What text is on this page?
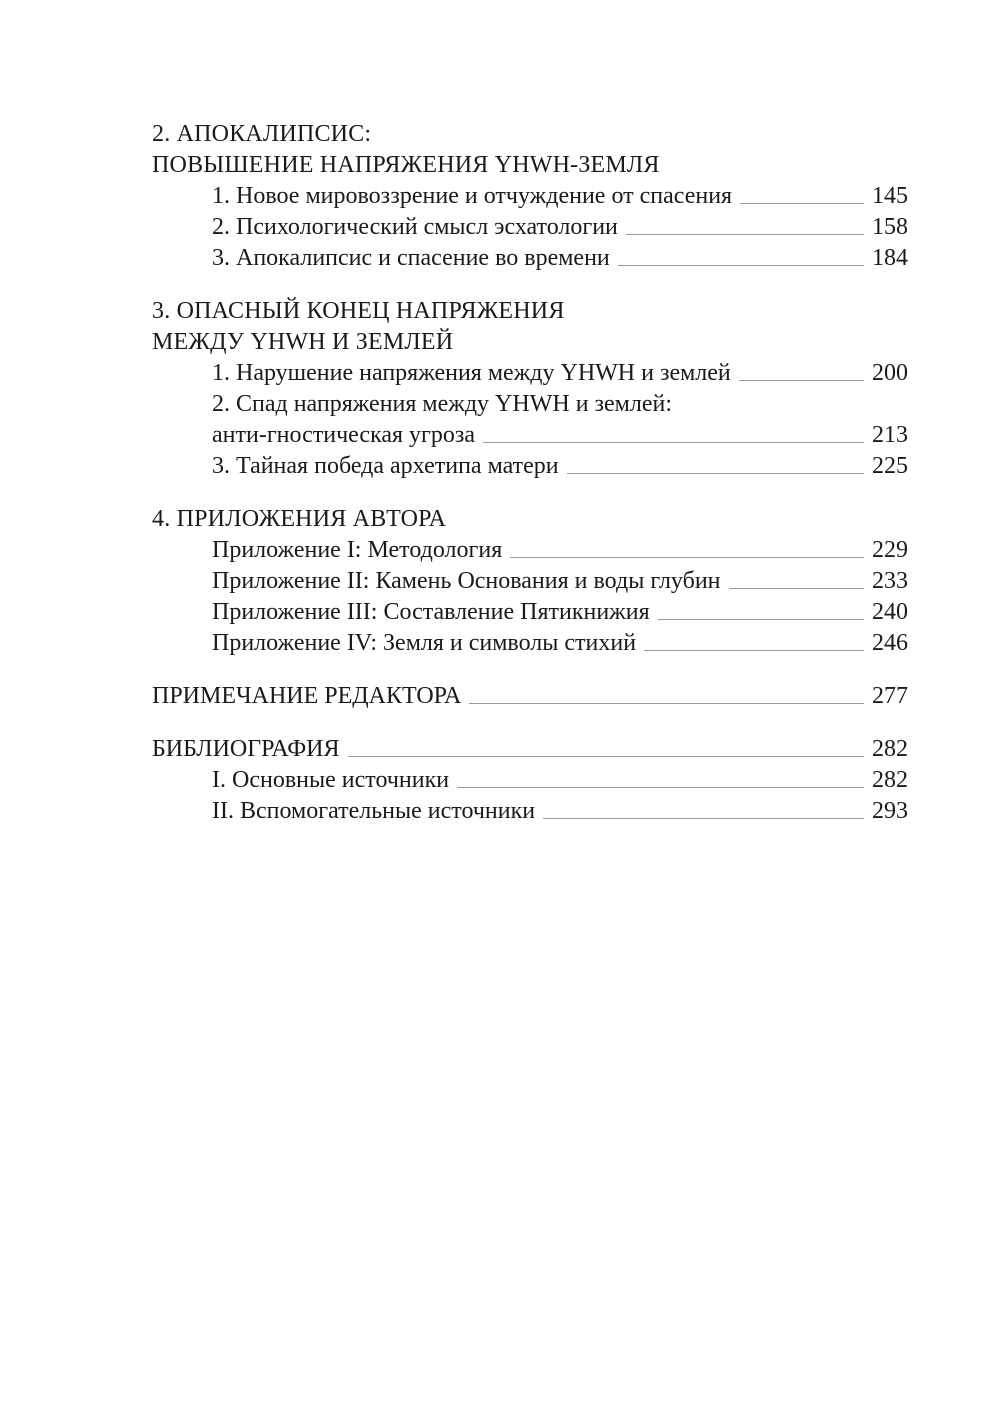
2. АПОКАЛИПСИС:
ПОВЫШЕНИЕ НАПРЯЖЕНИЯ YHWH-ЗЕМЛЯ
1. Новое мировоззрение и отчуждение от спасения	145
2. Психологический смысл эсхатологии	158
3. Апокалипсис и спасение во времени	184
3. ОПАСНЫЙ КОНЕЦ НАПРЯЖЕНИЯ
МЕЖДУ YHWH И ЗЕМЛЕЙ
1. Нарушение напряжения между YHWH и землей	200
2. Спад напряжения между YHWH и землей:
анти-гностическая угроза	213
3. Тайная победа архетипа матери	225
4. ПРИЛОЖЕНИЯ АВТОРА
Приложение I: Методология	229
Приложение II: Камень Основания и воды глубин	233
Приложение III: Составление Пятикнижия	240
Приложение IV: Земля и символы стихий	246
ПРИМЕЧАНИЕ РЕДАКТОРА	277
БИБЛИОГРАФИЯ	282
I. Основные источники	282
II. Вспомогательные источники	293
